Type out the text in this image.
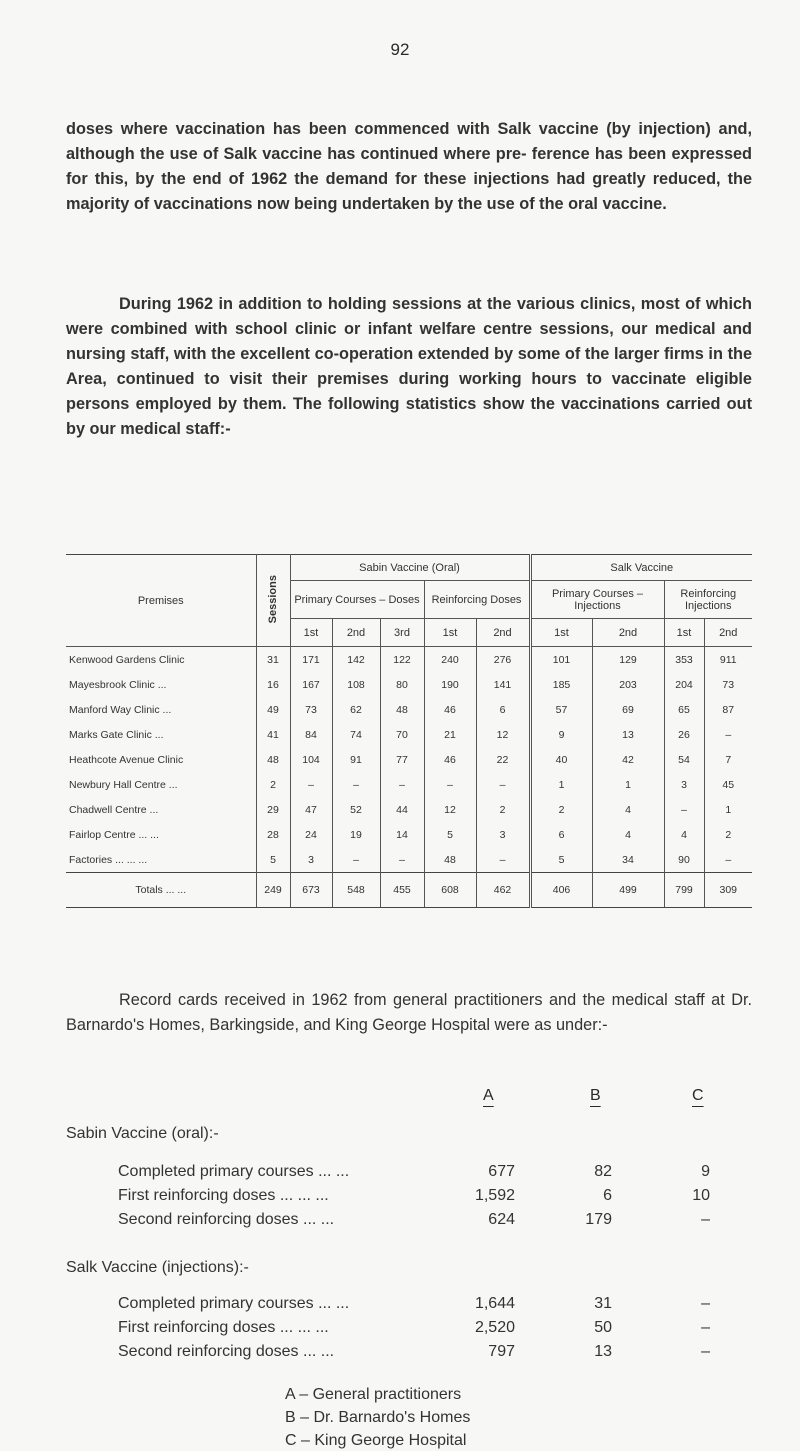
92
doses where vaccination has been commenced with Salk vaccine (by injection) and, although the use of Salk vaccine has continued where pre- ference has been expressed for this, by the end of 1962 the demand for these injections had greatly reduced, the majority of vaccinations now being undertaken by the use of the oral vaccine.
During 1962 in addition to holding sessions at the various clinics, most of which were combined with school clinic or infant welfare centre sessions, our medical and nursing staff, with the excellent co-operation extended by some of the larger firms in the Area, continued to visit their premises during working hours to vaccinate eligible persons employed by them. The following statistics show the vaccinations carried out by our medical staff:-
Premises	Sessions	Sabin Vaccine (Oral)					Salk Vaccine			
		Primary Courses – Doses			Reinforcing Doses		Primary Courses – Injections		Reinforcing Injections	
		1st	2nd	3rd	1st	2nd	1st	2nd	1st	2nd
Kenwood Gardens Clinic	31	171	142	122	240	276	101	129	353	911
Mayesbrook Clinic ...	16	167	108	80	190	141	185	203	204	73
Manford Way Clinic ...	49	73	62	48	46	6	57	69	65	87
Marks Gate Clinic ...	41	84	74	70	21	12	9	13	26	–
Heathcote Avenue Clinic	48	104	91	77	46	22	40	42	54	7
Newbury Hall Centre ...	2	–	–	–	–	–	1	1	3	45
Chadwell Centre ...	29	47	52	44	12	2	2	4	–	1
Fairlop Centre ... ...	28	24	19	14	5	3	6	4	4	2
Factories ... ... ...	5	3	–	–	48	–	5	34	90	–
Totals ... ...	249	673	548	455	608	462	406	499	799	309
Record cards received in 1962 from general practitioners and the medical staff at Dr. Barnardo's Homes, Barkingside, and King George Hospital were as under:-
A	B	C
Sabin Vaccine (oral):-
Completed primary courses ... ...	677	82	9
First reinforcing doses ... ... ...	1,592	6	10
Second reinforcing doses ... ...	624	179	–
Salk Vaccine (injections):-
Completed primary courses ... ...	1,644	31	–
First reinforcing doses ... ... ...	2,520	50	–
Second reinforcing doses ... ...	797	13	–
A – General practitioners
B – Dr. Barnardo's Homes
C – King George Hospital
